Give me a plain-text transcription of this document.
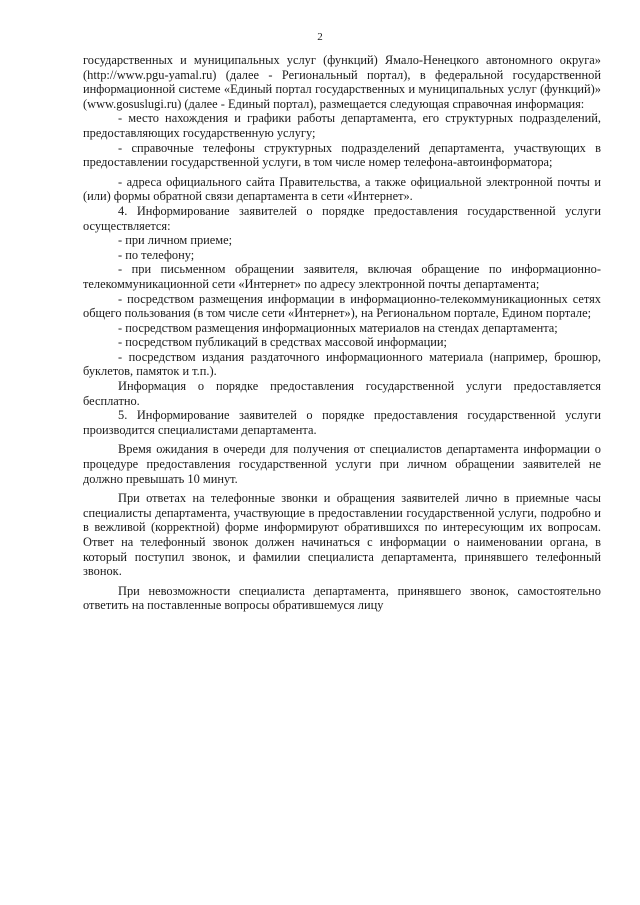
2

государственных и муниципальных услуг (функций) Ямало-Ненецкого автономного округа» (http://www.pgu-yamal.ru) (далее - Региональный портал), в федеральной государственной информационной системе «Единый портал государственных и муниципальных услуг (функций)» (www.gosuslugi.ru) (далее - Единый портал), размещается следующая справочная информация:

- место нахождения и графики работы департамента, его структурных подразделений, предоставляющих государственную услугу;

- справочные телефоны структурных подразделений департамента, участвующих в предоставлении государственной услуги, в том числе номер телефона-автоинформатора;

- адреса официального сайта Правительства, а также официальной электронной почты и (или) формы обратной связи департамента в сети «Интернет».

4. Информирование заявителей о порядке предоставления государственной услуги осуществляется:

- при личном приеме;

- по телефону;

- при письменном обращении заявителя, включая обращение по информационно-телекоммуникационной сети «Интернет» по адресу электронной почты департамента;

- посредством размещения информации в информационно-телекоммуникационных сетях общего пользования (в том числе сети «Интернет»), на Региональном портале, Едином портале;

- посредством размещения информационных материалов на стендах департамента;

- посредством публикаций в средствах массовой информации;

- посредством издания раздаточного информационного материала (например, брошюр, буклетов, памяток и т.п.).

Информация о порядке предоставления государственной услуги предоставляется бесплатно.

5. Информирование заявителей о порядке предоставления государственной услуги производится специалистами департамента.

Время ожидания в очереди для получения от специалистов департамента информации о процедуре предоставления государственной услуги при личном обращении заявителей не должно превышать 10 минут.

При ответах на телефонные звонки и обращения заявителей лично в приемные часы специалисты департамента, участвующие в предоставлении государственной услуги, подробно и в вежливой (корректной) форме информируют обратившихся по интересующим их вопросам. Ответ на телефонный звонок должен начинаться с информации о наименовании органа, в который поступил звонок, и фамилии специалиста департамента, принявшего телефонный звонок.

При невозможности специалиста департамента, принявшего звонок, самостоятельно ответить на поставленные вопросы обратившемуся лицу
